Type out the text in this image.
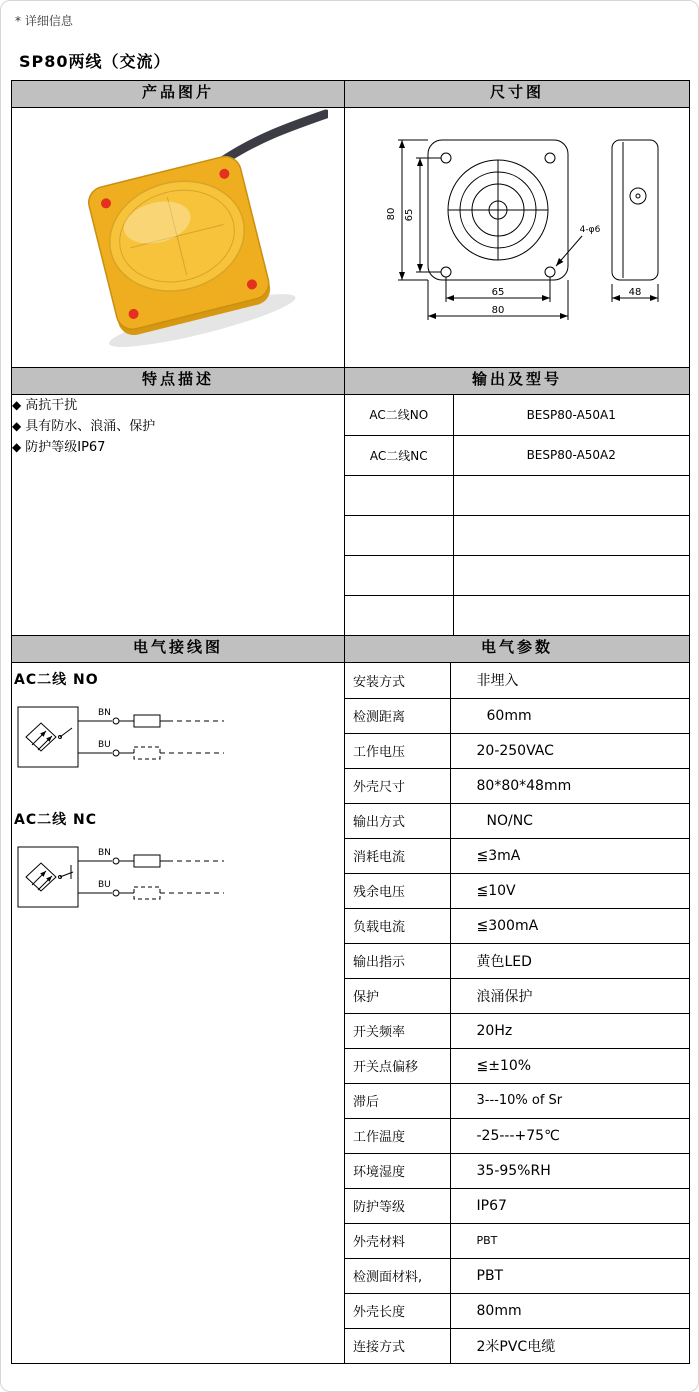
* 详细信息
SP80两线（交流）
产品图片	尺寸图

80 65
65
80
4-φ6
48

特点描述	输出及型号

◆ 高抗干扰
◆ 具有防水、浪涌、保护
◆ 防护等级IP67

AC二线NO	BESP80-A50A1
AC二线NC	BESP80-A50A2

电气接线图	电气参数

AC二线 NO
BN
BU
AC二线 NC
BN
BU

安装方式	非埋入
检测距离	60mm
工作电压	20-250VAC
外壳尺寸	80*80*48mm
输出方式	NO/NC
消耗电流	≦3mA
残余电压	≦10V
负载电流	≦300mA
输出指示	黄色LED
保护	浪涌保护
开关频率	20Hz
开关点偏移	≦±10%
滞后	3---10% of Sr
工作温度	-25---+75℃
环境湿度	35-95%RH
防护等级	IP67
外壳材料	PBT
检测面材料,	PBT
外壳长度	80mm
连接方式	2米PVC电缆
